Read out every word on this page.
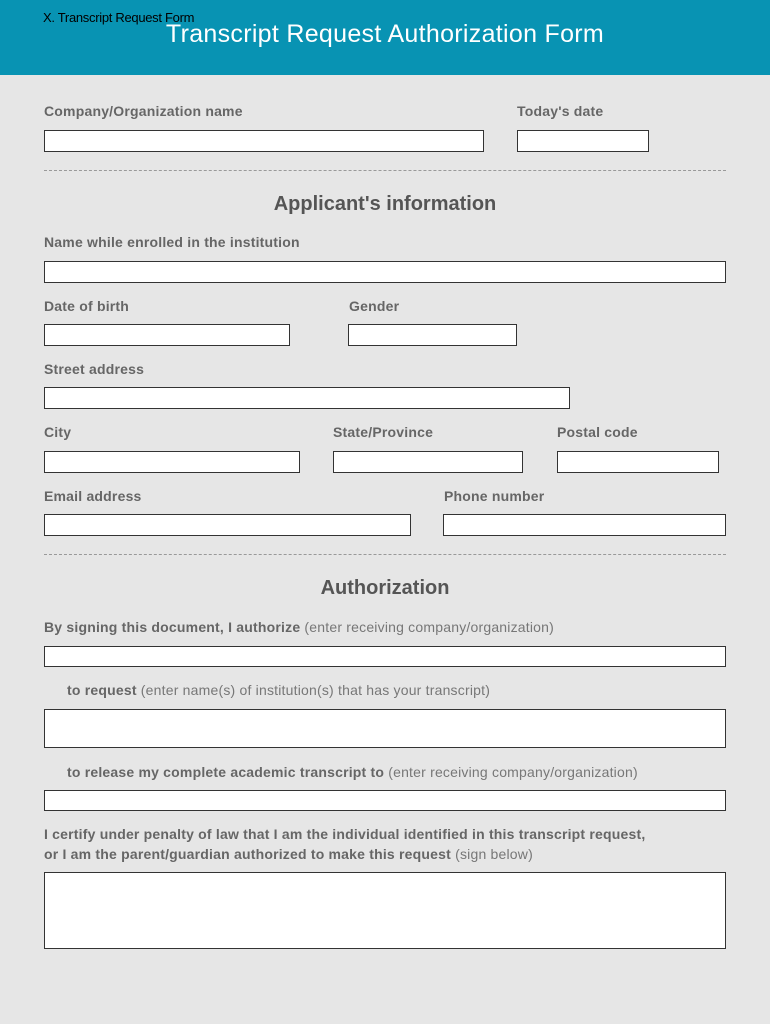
X. Transcript Request Form
Transcript Request Authorization Form
Company/Organization name	Today's date
Applicant's information
Name while enrolled in the institution
Date of birth	Gender
Street address
City	State/Province	Postal code
Email address	Phone number
Authorization
By signing this document, I authorize (enter receiving company/organization)
to request (enter name(s) of institution(s) that has your transcript)
to release my complete academic transcript to (enter receiving company/organization)
I certify under penalty of law that I am the individual identified in this transcript request,
or I am the parent/guardian authorized to make this request (sign below)
